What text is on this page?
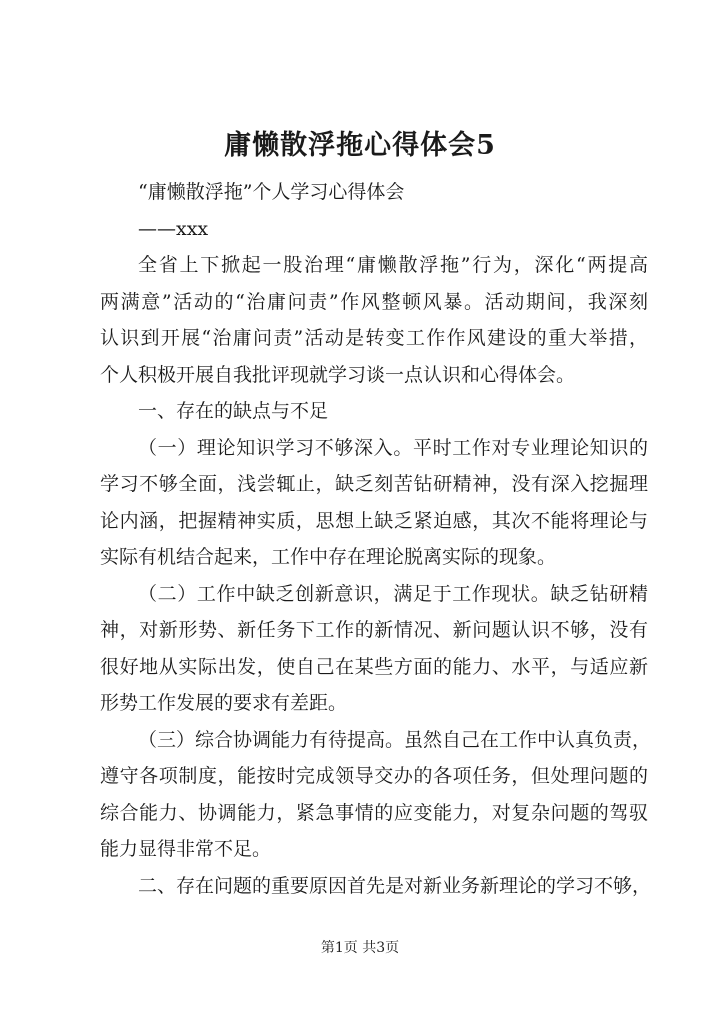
庸懒散浮拖心得体会5
“庸懒散浮拖”个人学习心得体会
——xxx
全省上下掀起一股治理“庸懒散浮拖”行为，深化“两提高
两满意”活动的“治庸问责”作风整顿风暴。活动期间，我深刻
认识到开展“治庸问责”活动是转变工作作风建设的重大举措，
个人积极开展自我批评现就学习谈一点认识和心得体会。
一、存在的缺点与不足
（一）理论知识学习不够深入。平时工作对专业理论知识的
学习不够全面，浅尝辄止，缺乏刻苦钻研精神，没有深入挖掘理
论内涵，把握精神实质，思想上缺乏紧迫感，其次不能将理论与
实际有机结合起来，工作中存在理论脱离实际的现象。
（二）工作中缺乏创新意识，满足于工作现状。缺乏钻研精
神，对新形势、新任务下工作的新情况、新问题认识不够，没有
很好地从实际出发，使自己在某些方面的能力、水平，与适应新
形势工作发展的要求有差距。
（三）综合协调能力有待提高。虽然自己在工作中认真负责，
遵守各项制度，能按时完成领导交办的各项任务，但处理问题的
综合能力、协调能力，紧急事情的应变能力，对复杂问题的驾驭
能力显得非常不足。
二、存在问题的重要原因首先是对新业务新理论的学习不够，
第1页 共3页
